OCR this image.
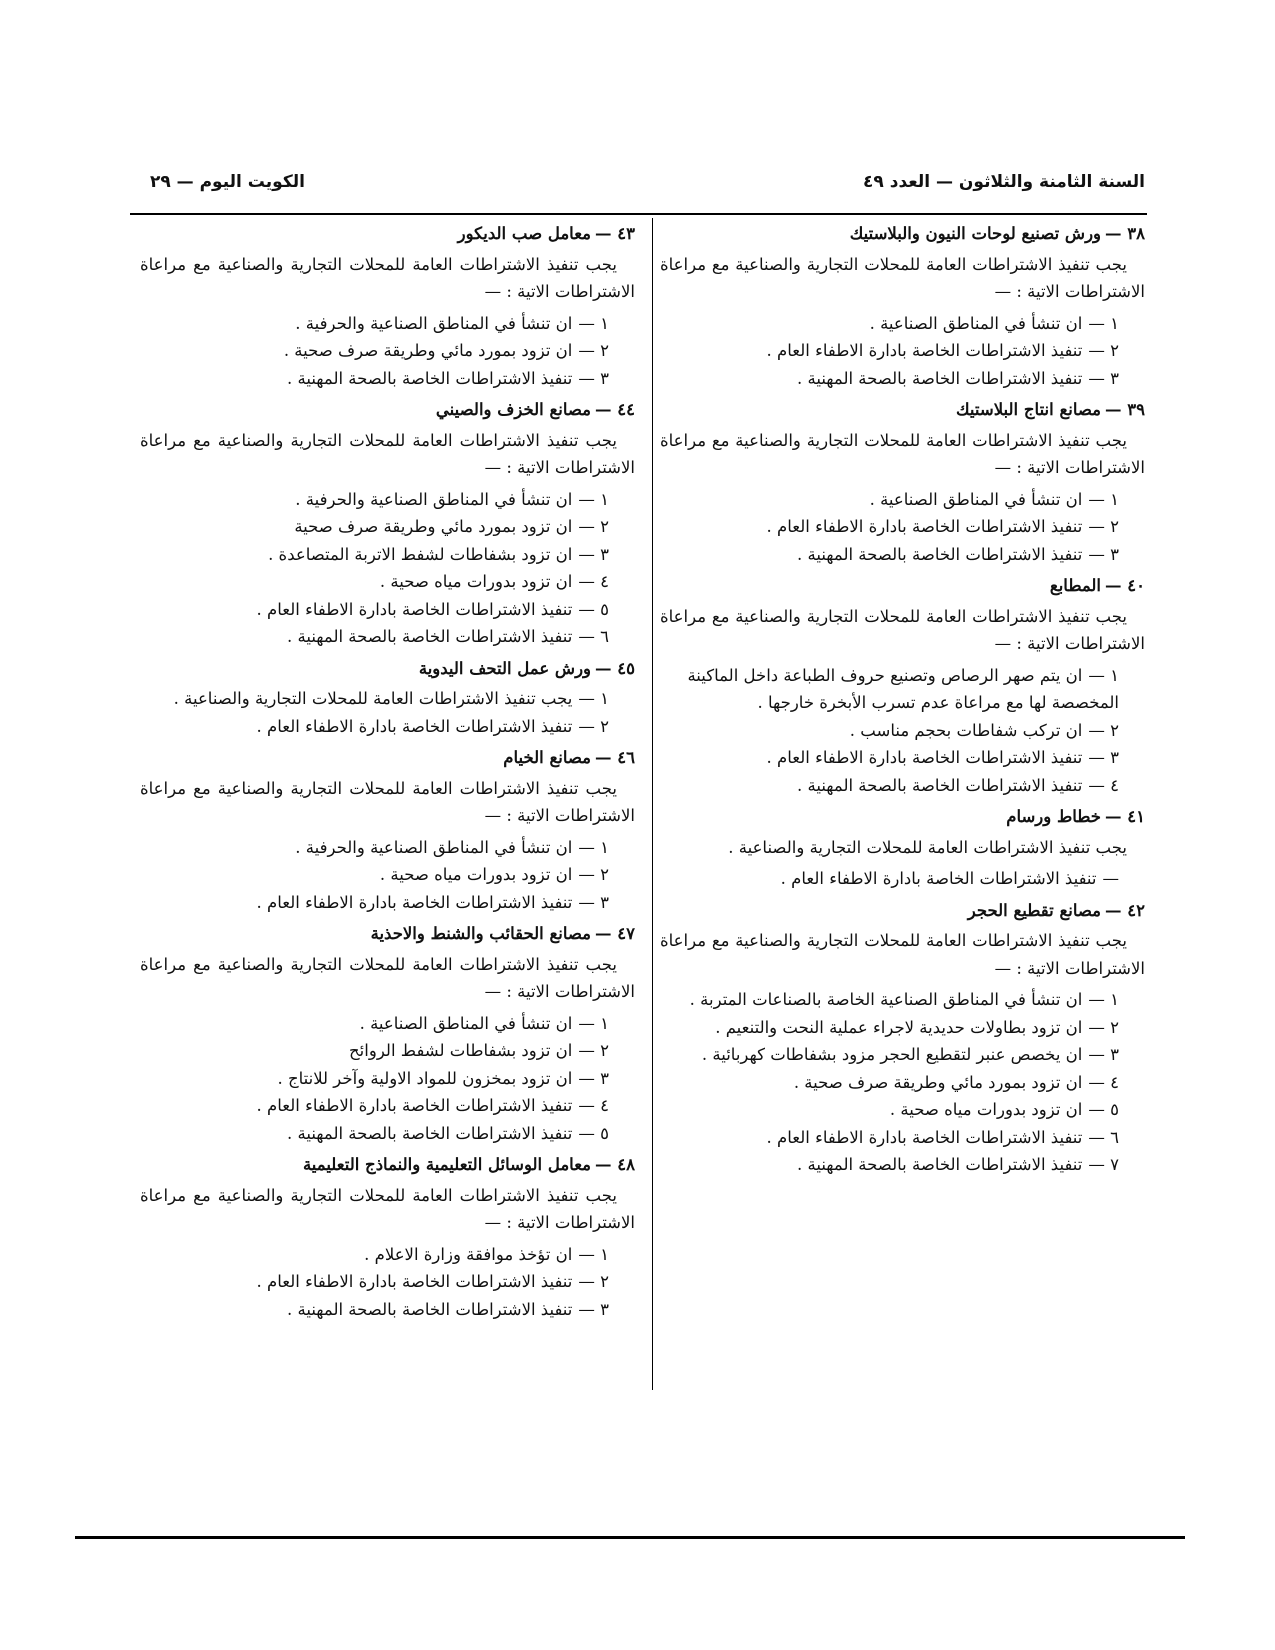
السنة الثامنة والثلاثون — العدد ٤٩
الكويت اليوم — ٢٩
٣٨ —ورش تصنيع لوحات النيون والبلاستيك

يجب تنفيذ الاشتراطات العامة للمحلات التجارية والصناعية مع مراعاة الاشتراطات الاتية : —

١ —ان تنشأ في المناطق الصناعية .
٢ —تنفيذ الاشتراطات الخاصة بادارة الاطفاء العام .
٣ —تنفيذ الاشتراطات الخاصة بالصحة المهنية .
٣٩ —مصانع انتاج البلاستيك

يجب تنفيذ الاشتراطات العامة للمحلات التجارية والصناعية مع مراعاة الاشتراطات الاتية : —

١ —ان تنشأ في المناطق الصناعية .
٢ —تنفيذ الاشتراطات الخاصة بادارة الاطفاء العام .
٣ —تنفيذ الاشتراطات الخاصة بالصحة المهنية .
٤٠ —المطابع

يجب تنفيذ الاشتراطات العامة للمحلات التجارية والصناعية مع مراعاة الاشتراطات الاتية : —

١ —ان يتم صهر الرصاص وتصنيع حروف الطباعة داخل الماكينة المخصصة لها مع مراعاة عدم تسرب الأبخرة خارجها .
٢ —ان تركب شفاطات بحجم مناسب .
٣ —تنفيذ الاشتراطات الخاصة بادارة الاطفاء العام .
٤ —تنفيذ الاشتراطات الخاصة بالصحة المهنية .
٤١ —خطاط ورسام

يجب تنفيذ الاشتراطات العامة للمحلات التجارية والصناعية .

—تنفيذ الاشتراطات الخاصة بادارة الاطفاء العام .
٤٢ —مصانع تقطيع الحجر

يجب تنفيذ الاشتراطات العامة للمحلات التجارية والصناعية مع مراعاة الاشتراطات الاتية : —

١ —ان تنشأ في المناطق الصناعية الخاصة بالصناعات المتربة .
٢ —ان تزود بطاولات حديدية لاجراء عملية النحت والتنعيم .
٣ —ان يخصص عنبر لتقطيع الحجر مزود بشفاطات كهربائية .
٤ —ان تزود بمورد مائي وطريقة صرف صحية .
٥ —ان تزود بدورات مياه صحية .
٦ —تنفيذ الاشتراطات الخاصة بادارة الاطفاء العام .
٧ —تنفيذ الاشتراطات الخاصة بالصحة المهنية .
٤٣ —معامل صب الديكور

يجب تنفيذ الاشتراطات العامة للمحلات التجارية والصناعية مع مراعاة الاشتراطات الاتية : —

١ —ان تنشأ في المناطق الصناعية والحرفية .
٢ —ان تزود بمورد مائي وطريقة صرف صحية .
٣ —تنفيذ الاشتراطات الخاصة بالصحة المهنية .
٤٤ —مصانع الخزف والصيني

يجب تنفيذ الاشتراطات العامة للمحلات التجارية والصناعية مع مراعاة الاشتراطات الاتية : —

١ —ان تنشأ في المناطق الصناعية والحرفية .
٢ —ان تزود بمورد مائي وطريقة صرف صحية
٣ —ان تزود بشفاطات لشفط الاتربة المتصاعدة .
٤ —ان تزود بدورات مياه صحية .
٥ —تنفيذ الاشتراطات الخاصة بادارة الاطفاء العام .
٦ —تنفيذ الاشتراطات الخاصة بالصحة المهنية .
٤٥ —ورش عمل التحف اليدوية
١ —يجب تنفيذ الاشتراطات العامة للمحلات التجارية والصناعية .
٢ —تنفيذ الاشتراطات الخاصة بادارة الاطفاء العام .
٤٦ —مصانع الخيام

يجب تنفيذ الاشتراطات العامة للمحلات التجارية والصناعية مع مراعاة الاشتراطات الاتية : —

١ —ان تنشأ في المناطق الصناعية والحرفية .
٢ —ان تزود بدورات مياه صحية .
٣ —تنفيذ الاشتراطات الخاصة بادارة الاطفاء العام .
٤٧ —مصانع الحقائب والشنط والاحذية

يجب تنفيذ الاشتراطات العامة للمحلات التجارية والصناعية مع مراعاة الاشتراطات الاتية : —

١ —ان تنشأ في المناطق الصناعية .
٢ —ان تزود بشفاطات لشفط الروائح
٣ —ان تزود بمخزون للمواد الاولية وآخر للانتاج .
٤ —تنفيذ الاشتراطات الخاصة بادارة الاطفاء العام .
٥ —تنفيذ الاشتراطات الخاصة بالصحة المهنية .
٤٨ —معامل الوسائل التعليمية والنماذج التعليمية

يجب تنفيذ الاشتراطات العامة للمحلات التجارية والصناعية مع مراعاة الاشتراطات الاتية : —

١ —ان تؤخذ موافقة وزارة الاعلام .
٢ —تنفيذ الاشتراطات الخاصة بادارة الاطفاء العام .
٣ —تنفيذ الاشتراطات الخاصة بالصحة المهنية .
